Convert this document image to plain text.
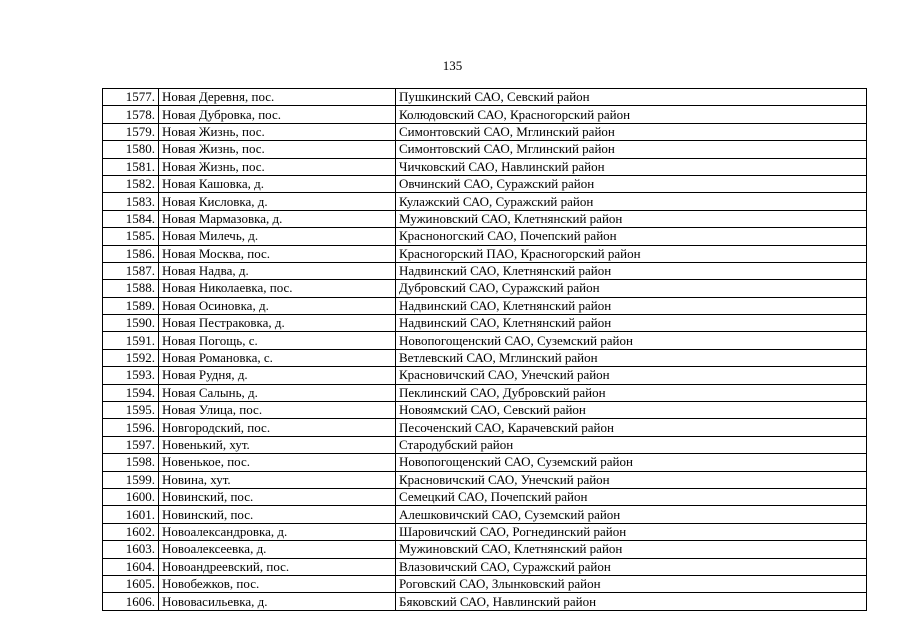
135
1577.	Новая Деревня, пос.	Пушкинский САО, Севский район
1578.	Новая Дубровка, пос.	Колюдовский САО, Красногорский район
1579.	Новая Жизнь, пос.	Симонтовский САО, Мглинский район
1580.	Новая Жизнь, пос.	Симонтовский САО, Мглинский район
1581.	Новая Жизнь, пос.	Чичковский САО, Навлинский район
1582.	Новая Кашовка, д.	Овчинский САО, Суражский район
1583.	Новая Кисловка, д.	Кулажский САО, Суражский район
1584.	Новая Мармазовка, д.	Мужиновский САО, Клетнянский район
1585.	Новая Милечь, д.	Красноногский САО, Почепский район
1586.	Новая Москва, пос.	Красногорский ПАО, Красногорский район
1587.	Новая Надва, д.	Надвинский САО, Клетнянский район
1588.	Новая Николаевка, пос.	Дубровский САО, Суражский район
1589.	Новая Осиновка, д.	Надвинский САО, Клетнянский район
1590.	Новая Пестраковка, д.	Надвинский САО, Клетнянский район
1591.	Новая Погощь, с.	Новопогощенский САО, Суземский район
1592.	Новая Романовка, с.	Ветлевский САО, Мглинский район
1593.	Новая Рудня, д.	Красновичский САО, Унечский район
1594.	Новая Салынь, д.	Пеклинский САО, Дубровский район
1595.	Новая Улица, пос.	Новоямский САО, Севский район
1596.	Новгородский, пос.	Песоченский САО, Карачевский район
1597.	Новенький, хут.	Стародубский район
1598.	Новенькое, пос.	Новопогощенский САО, Суземский район
1599.	Новина, хут.	Красновичский САО, Унечский район
1600.	Новинский, пос.	Семецкий САО, Почепский район
1601.	Новинский, пос.	Алешковичский САО, Суземский район
1602.	Новоалександровка, д.	Шаровичский САО, Рогнединский район
1603.	Новоалексеевка, д.	Мужиновский САО, Клетнянский район
1604.	Новоандреевский, пос.	Влазовичский САО, Суражский район
1605.	Новобежков, пос.	Роговский САО, Злынковский район
1606.	Нововасильевка, д.	Бяковский САО, Навлинский район
